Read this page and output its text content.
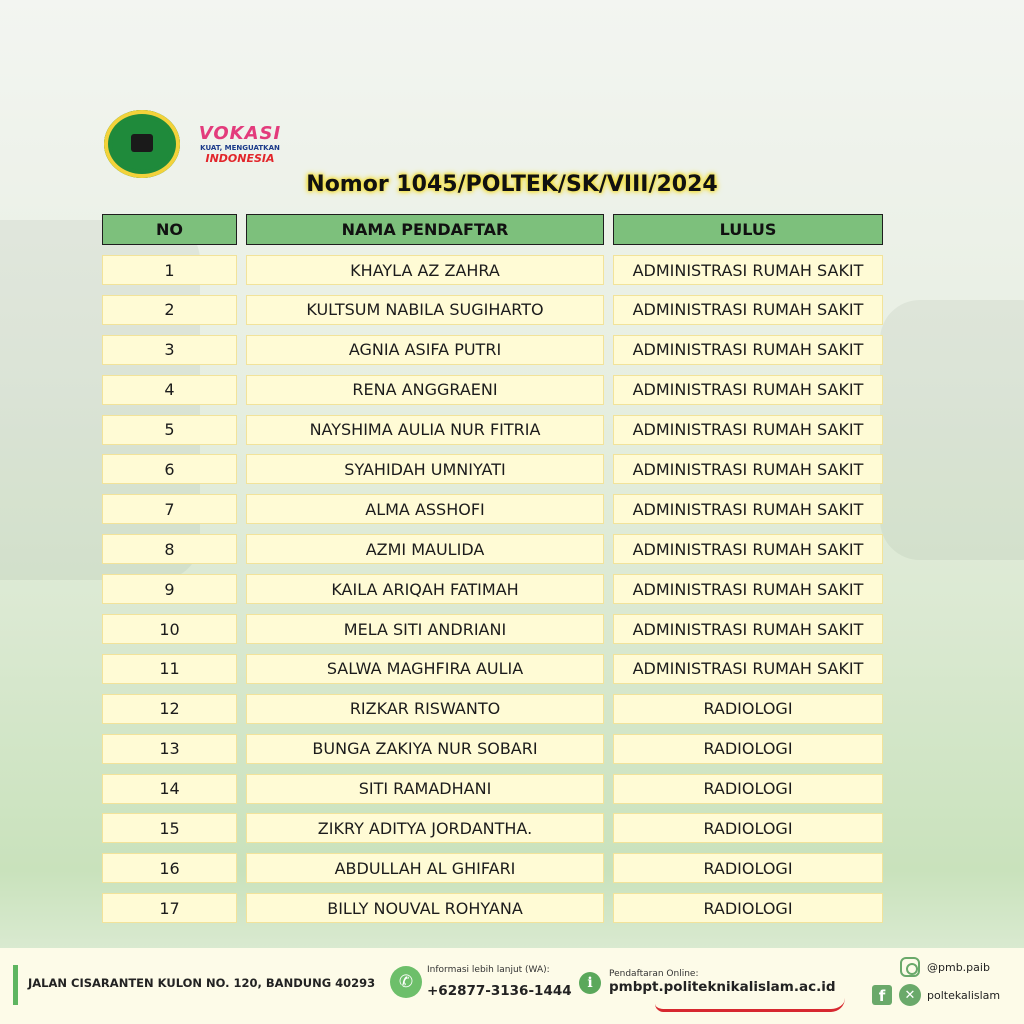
VOKASI
KUAT, MENGUATKAN
INDONESIA
Nomor 1045/POLTEK/SK/VIII/2024
NO	NAMA PENDAFTAR	LULUS
1	KHAYLA AZ ZAHRA	ADMINISTRASI RUMAH SAKIT
2	KULTSUM NABILA SUGIHARTO	ADMINISTRASI RUMAH SAKIT
3	AGNIA ASIFA PUTRI	ADMINISTRASI RUMAH SAKIT
4	RENA ANGGRAENI	ADMINISTRASI RUMAH SAKIT
5	NAYSHIMA AULIA NUR FITRIA	ADMINISTRASI RUMAH SAKIT
6	SYAHIDAH UMNIYATI	ADMINISTRASI RUMAH SAKIT
7	ALMA ASSHOFI	ADMINISTRASI RUMAH SAKIT
8	AZMI MAULIDA	ADMINISTRASI RUMAH SAKIT
9	KAILA ARIQAH FATIMAH	ADMINISTRASI RUMAH SAKIT
10	MELA SITI ANDRIANI	ADMINISTRASI RUMAH SAKIT
11	SALWA MAGHFIRA AULIA	ADMINISTRASI RUMAH SAKIT
12	RIZKAR RISWANTO	RADIOLOGI
13	BUNGA ZAKIYA NUR SOBARI	RADIOLOGI
14	SITI RAMADHANI	RADIOLOGI
15	ZIKRY ADITYA JORDANTHA.	RADIOLOGI
16	ABDULLAH AL GHIFARI	RADIOLOGI
17	BILLY NOUVAL ROHYANA	RADIOLOGI
JALAN CISARANTEN KULON NO. 120, BANDUNG 40293	✆
Informasi lebih lanjut (WA):
+62877-3136-1444	i
Pendaftaran Online:
pmbpt.politeknikalislam.ac.id
@pmb.paib
f	✕	poltekalislam
